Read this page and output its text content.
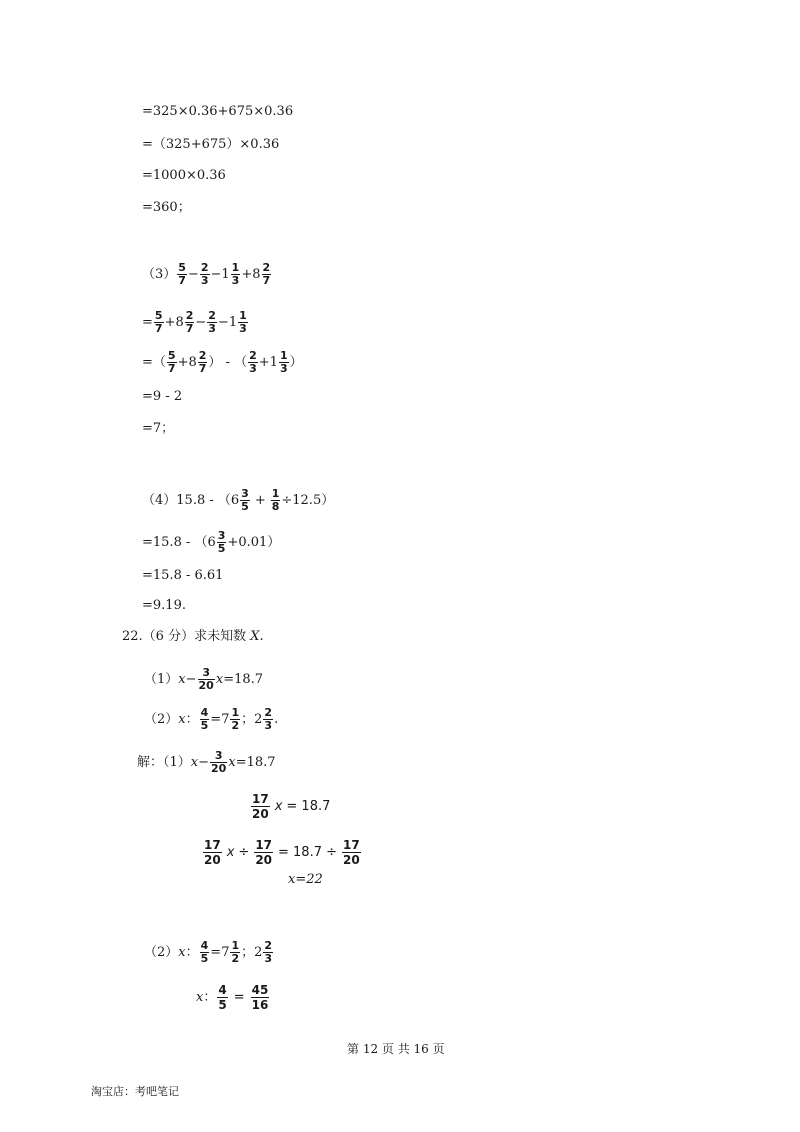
=325×0.36+675×0.36
=（325+675）×0.36
=1000×0.36
=360；
$(3) \frac{5}{7} - \frac{2}{3} -1 \frac{1}{3} +8 \frac{2}{7}$
= $\frac{5}{7} +8 \frac{2}{7} - \frac{2}{3} -1 \frac{1}{3}$
= （ $\frac{5}{7} +8 \frac{2}{7}$ ） - （ $\frac{2}{3} +1 \frac{1}{3}$ ）
=9 - 2
=7；
$(4)15.8 - (6 \frac{3}{5} + \frac{1}{8} \div 12.5)$
$=15.8 - (6 \frac{3}{5} +0.01)$
=15.8 - 6.61
=9.19.
22.（6 分）求未知数 X.
（1） $x - \frac{3}{20}$ x =18.7
（2） x ： $\frac{4}{5} =7 \frac{1}{2}$ ；$2 \frac{2}{3}$ .
解：（1） $x - \frac{3}{20}$ x =18.7
$\frac{17}{20}$ x = 18.7
$\frac{17}{20}$ $x \div \frac{17}{20} = 18.7 \div \frac{17}{20}$
x=22
（2） x ： $\frac{4}{5} =7 \frac{1}{2}$ ；$2 \frac{2}{3}$
x ： $\frac{4}{5} = \frac{45}{16}$
第 12 页 共 16 页
淘宝店：考吧笔记
